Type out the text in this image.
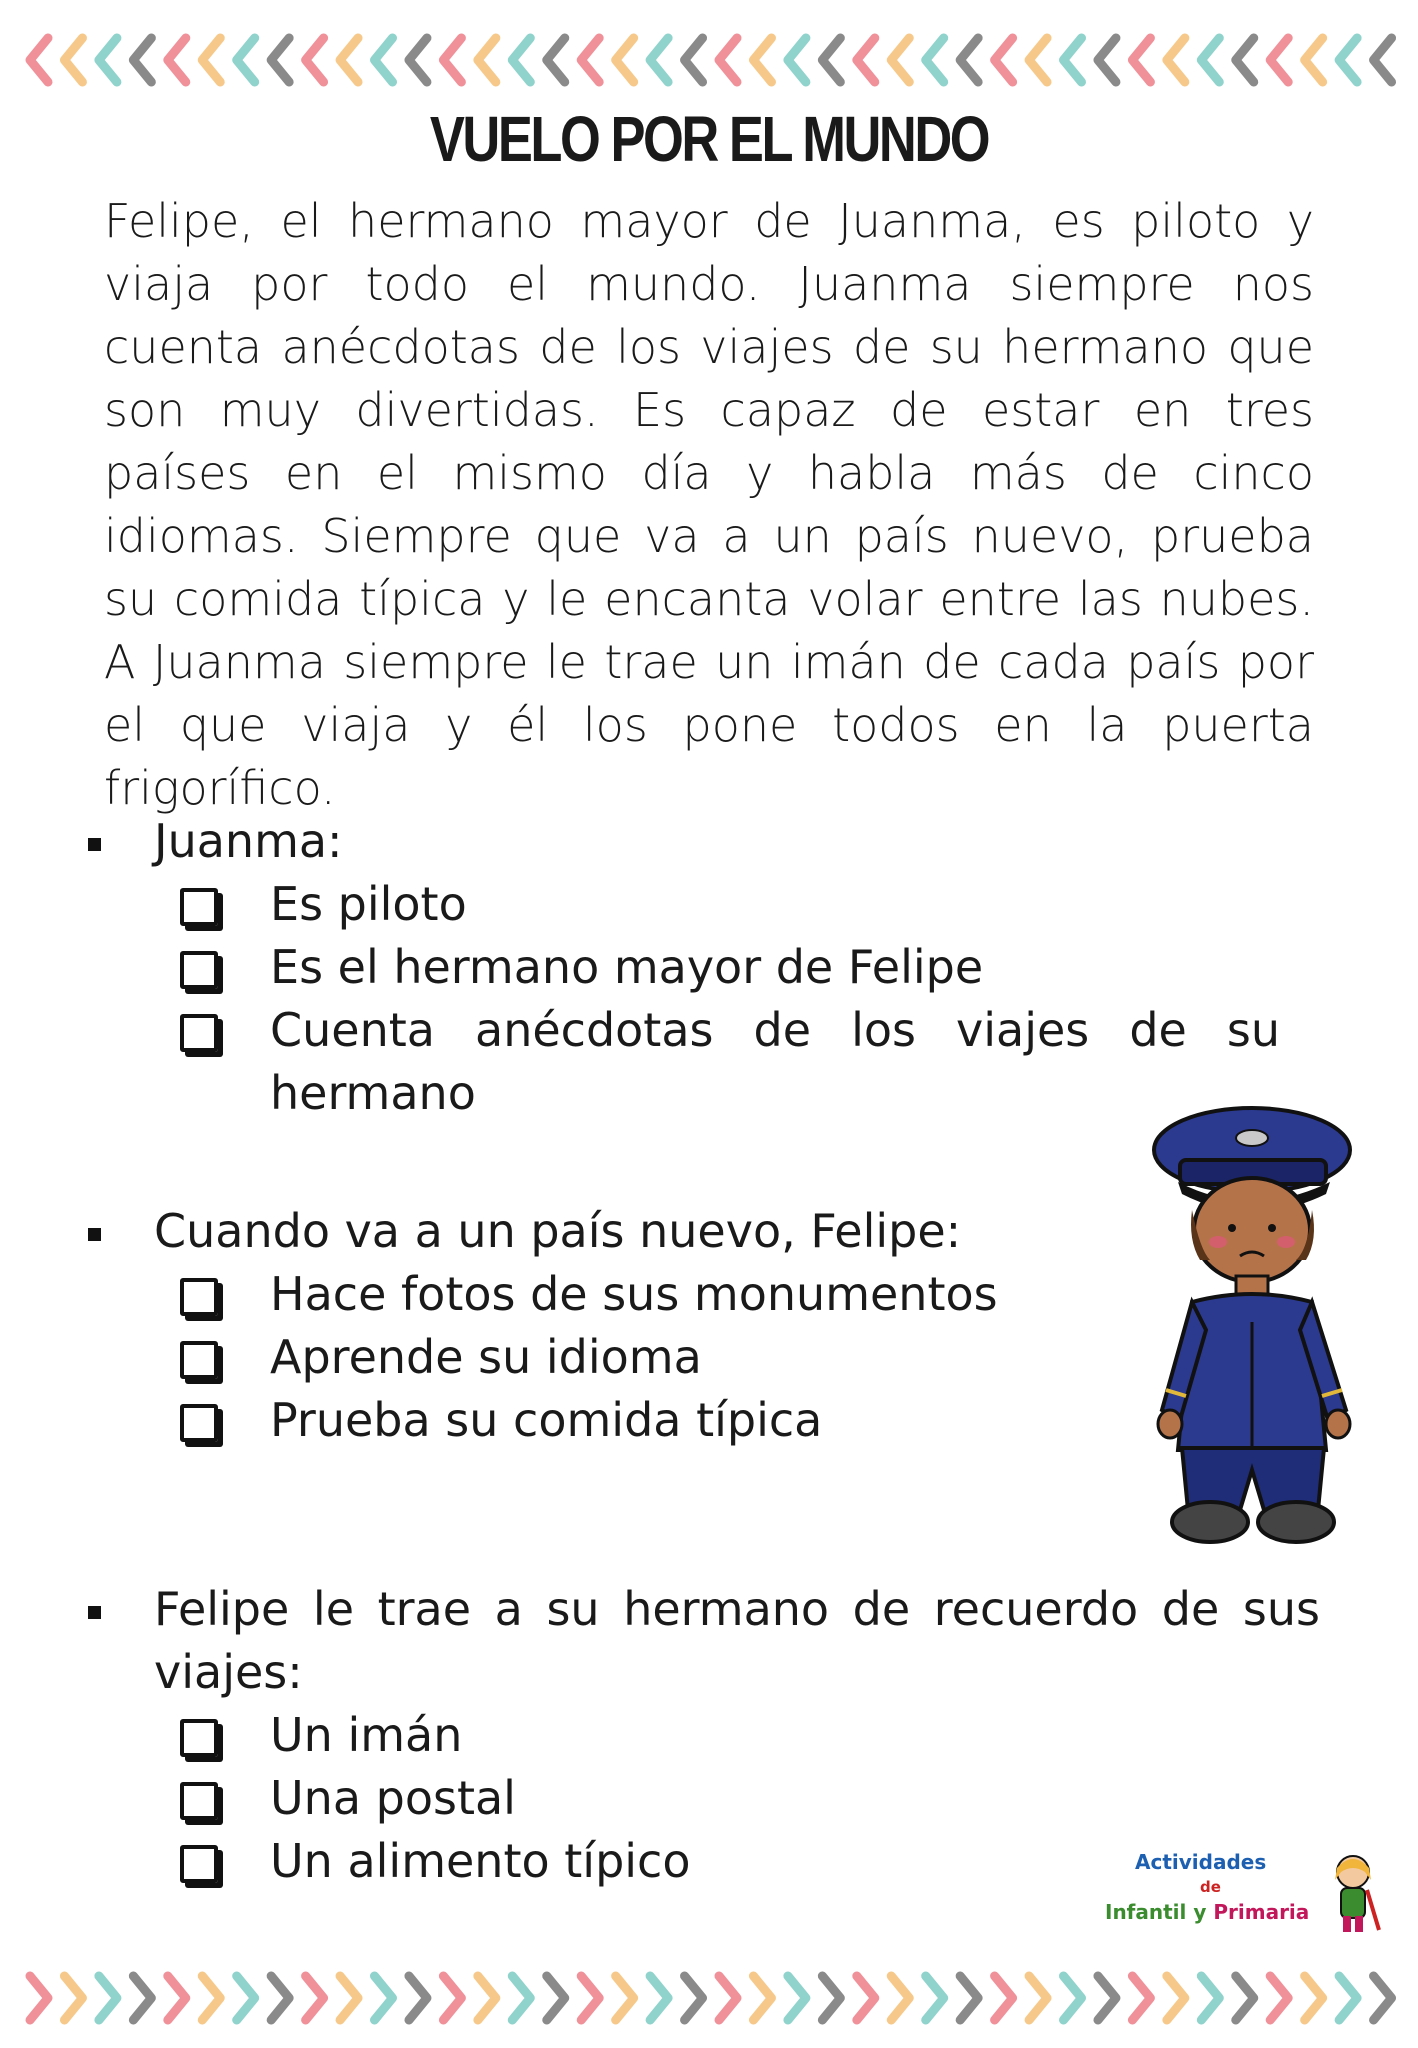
VUELO POR EL MUNDO

Felipe, el hermano mayor de Juanma, es piloto y viaja por todo el mundo. Juanma siempre nos cuenta anécdotas de los viajes de su hermano que son muy divertidas. Es capaz de estar en tres países en el mismo día y habla más de cinco idiomas. Siempre que va a un país nuevo, prueba su comida típica y le encanta volar entre las nubes. A Juanma siempre le trae un imán de cada país por el que viaja y él los pone todos en la puerta frigorífico.

Juanma:
Es piloto
Es el hermano mayor de Felipe
Cuenta anécdotas de los viajes de su hermano
Cuando va a un país nuevo, Felipe:
Hace fotos de sus monumentos
Aprende su idioma
Prueba su comida típica
Felipe le trae a su hermano de recuerdo de sus viajes:
Un imán
Una postal
Un alimento típico	Actividades
de
Infantil y Primaria
